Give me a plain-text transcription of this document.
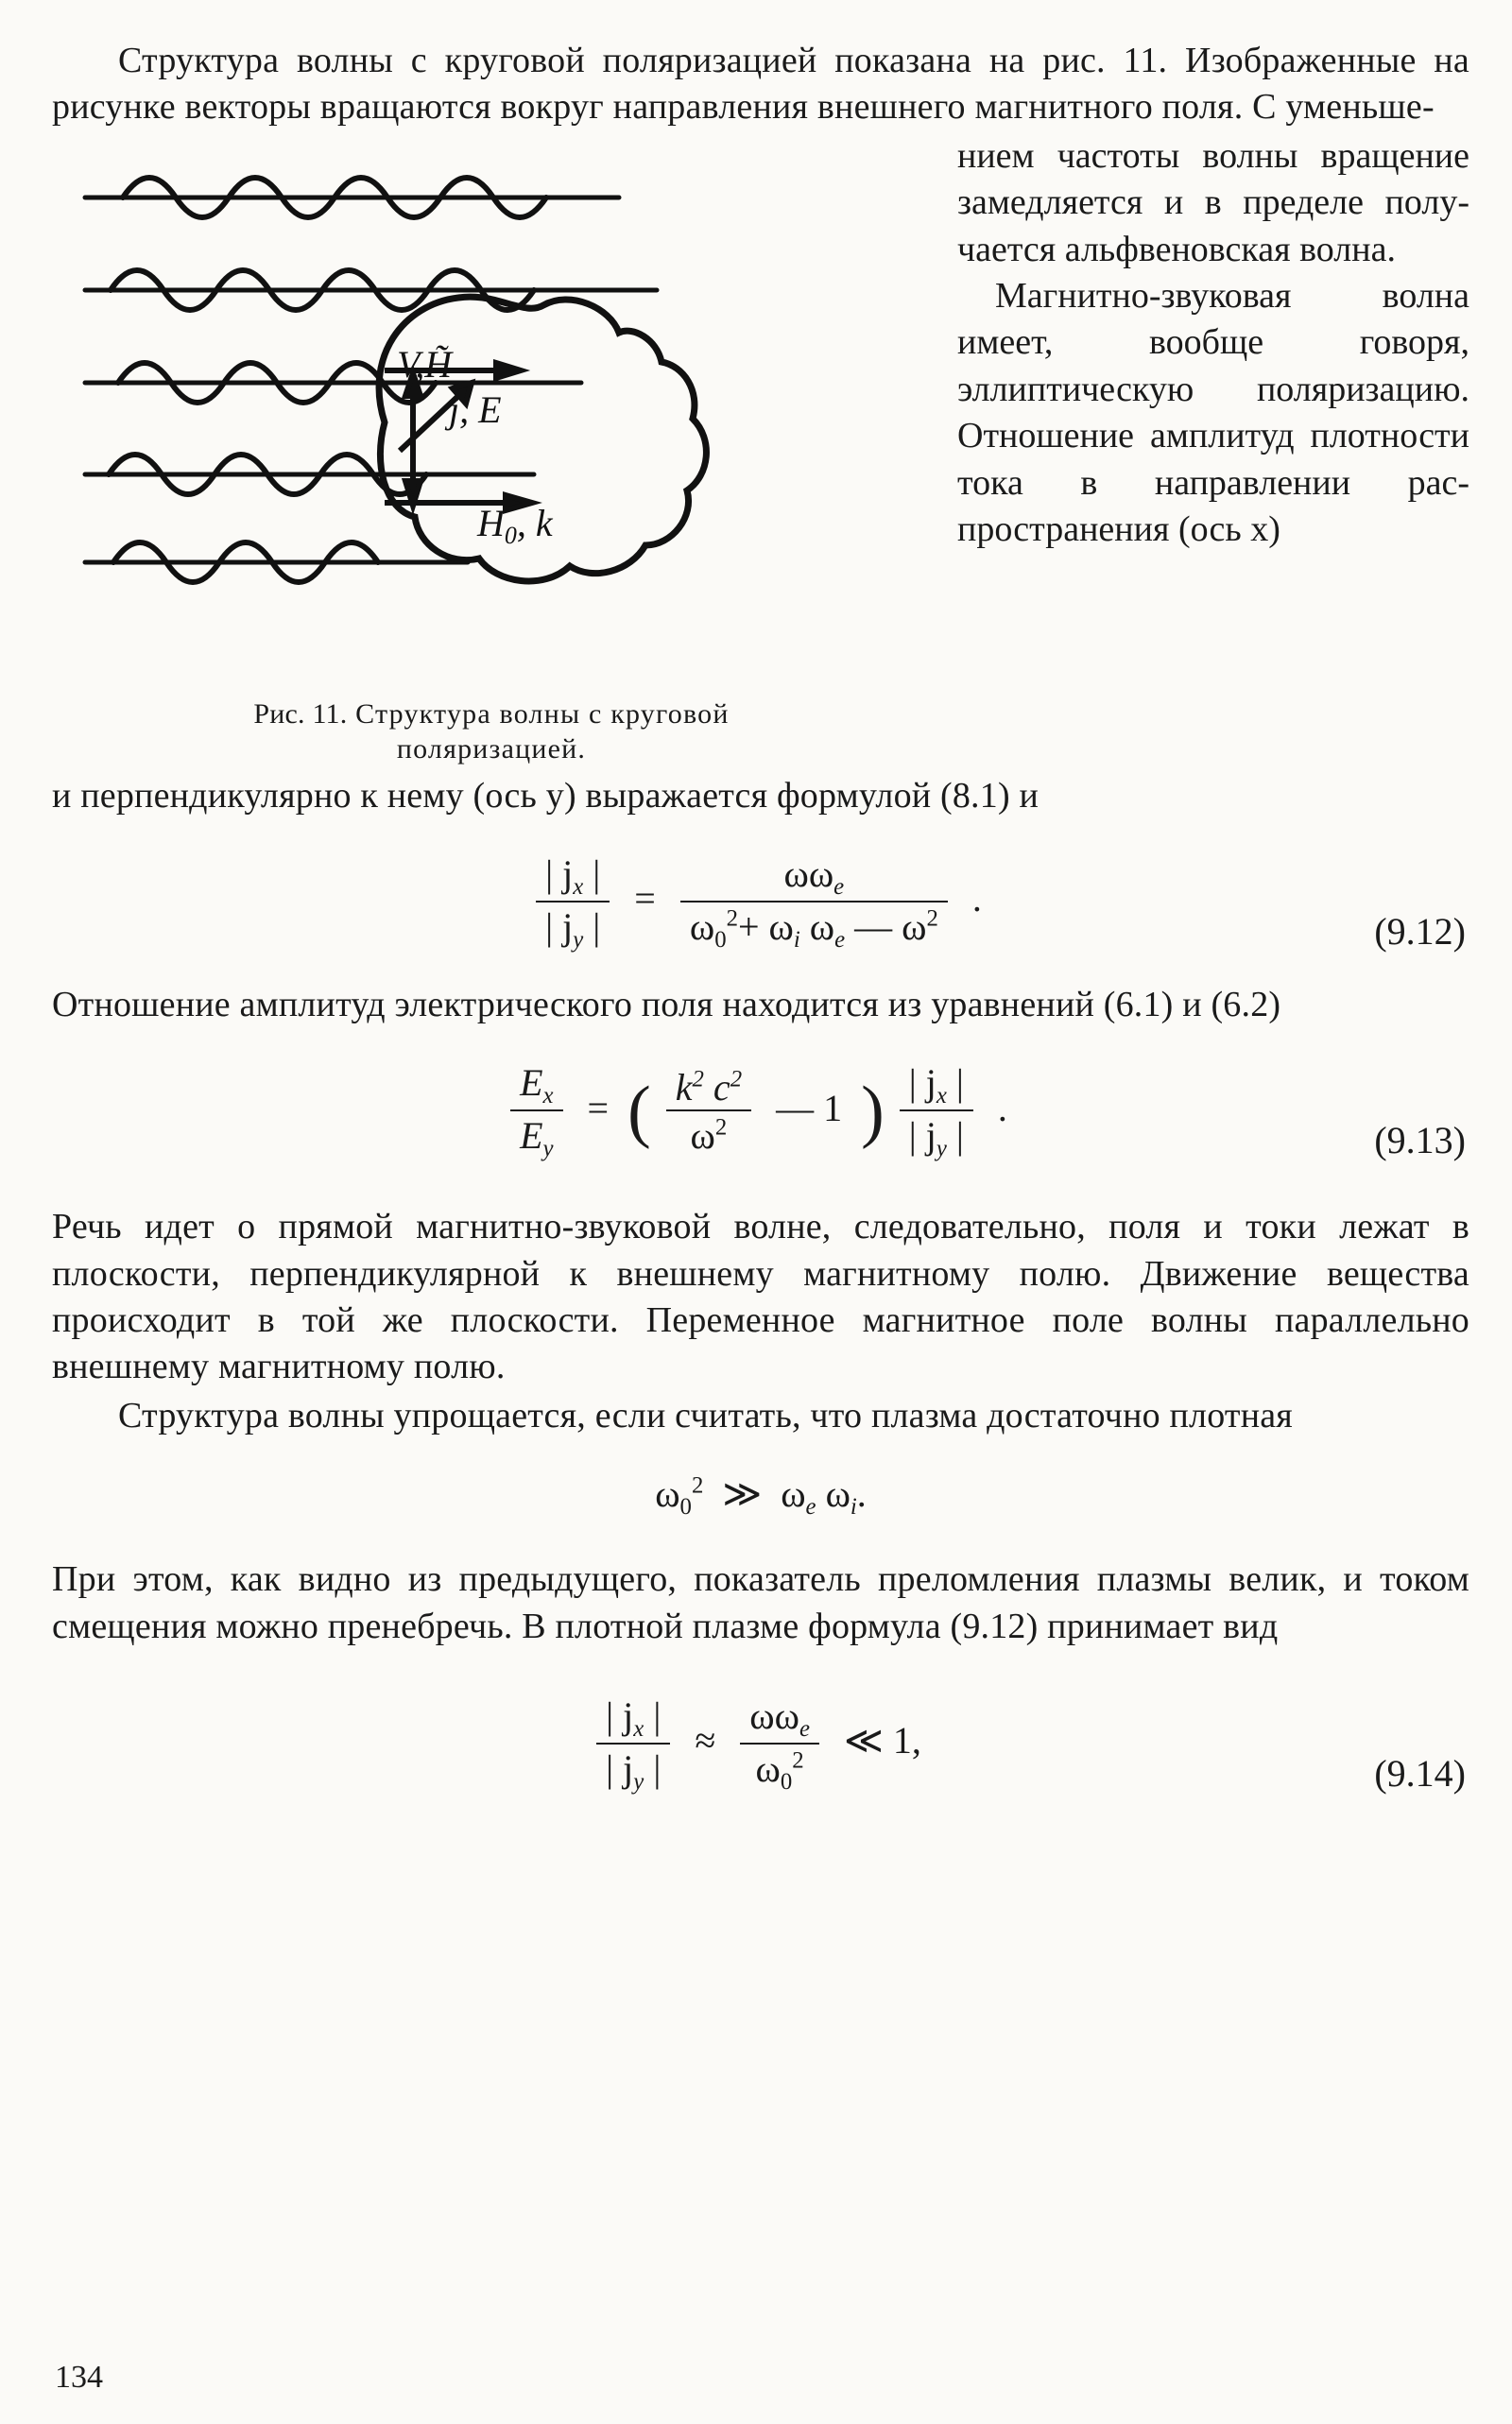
Структура волны с круговой поляризацией показана на рис. 11. Изображенные на рисунке векторы вращаются вокруг направления внешнего магнитного поля. С уменьше-

V,H̃
j, E
$H_0$, k
Рис. 11. Структура волны с круговой
поляризацией.

нием частоты волны вращение замедляется и в пределе получается альфвеновская волна.

Магнитно-звуковая волна имеет, вообще говоря, эллиптическую поляризацию. Отношение амплитуд плотности тока в направлении распространения (ось x)

и перпендикулярно к нему (ось y) выражается формулой (8.1) и

$\frac{| j_x |}{| j_y |} = \frac{\omega\omega_e}{\omega 0^2+ \omega_i \omega_e — \omega^2}$ .
(9.12)

Отношение амплитуд электрического поля находится из уравнений (6.1) и (6.2)

$\frac{E_x}{E_y}$ = ( $\frac{k^2 c^2}{\omega^2}$ — 1 ) $\frac{| j_x |}{| j_y |}$ .
(9.13)

Речь идет о прямой магнитно-звуковой волне, следовательно, поля и токи лежат в плоскости, перпендикулярной к внешнему магнитному полю. Движение вещества происходит в той же плоскости. Переменное магнитное поле волны параллельно внешнему магнитному полю.

Структура волны упрощается, если считать, что плазма достаточно плотная

$\omega 0^2$ ≫ $\omega_e$ $\omega_i$.

При этом, как видно из предыдущего, показатель преломления плазмы велик, и током смещения можно пренебречь. В плотной плазме формула (9.12) принимает вид

$\frac{| j_x |}{| j_y |} \approx \frac{\omega\omega_e}{\omega 0^2}$ ≪ 1,
(9.14)
134
